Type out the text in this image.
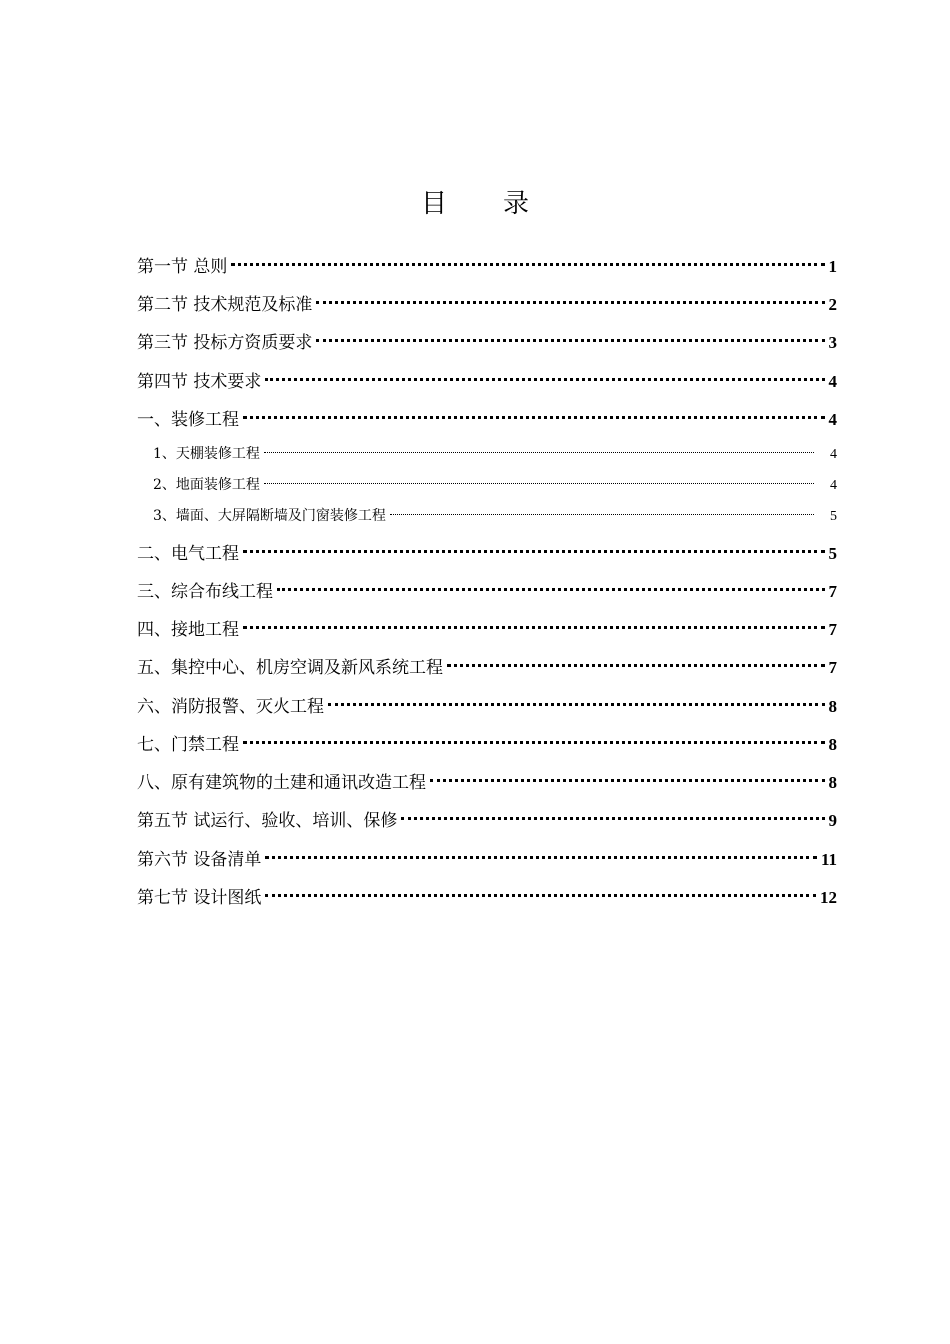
目 录
第一节 总则	1
第二节 技术规范及标准	2
第三节 投标方资质要求	3
第四节 技术要求	4
一、装修工程	4
1、天棚装修工程	4
2、地面装修工程	4
3、墙面、大屏隔断墙及门窗装修工程	5
二、电气工程	5
三、综合布线工程	7
四、接地工程	7
五、集控中心、机房空调及新风系统工程	7
六、消防报警、灭火工程	8
七、门禁工程	8
八、原有建筑物的土建和通讯改造工程	8
第五节 试运行、验收、培训、保修	9
第六节 设备清单	11
第七节 设计图纸	12
